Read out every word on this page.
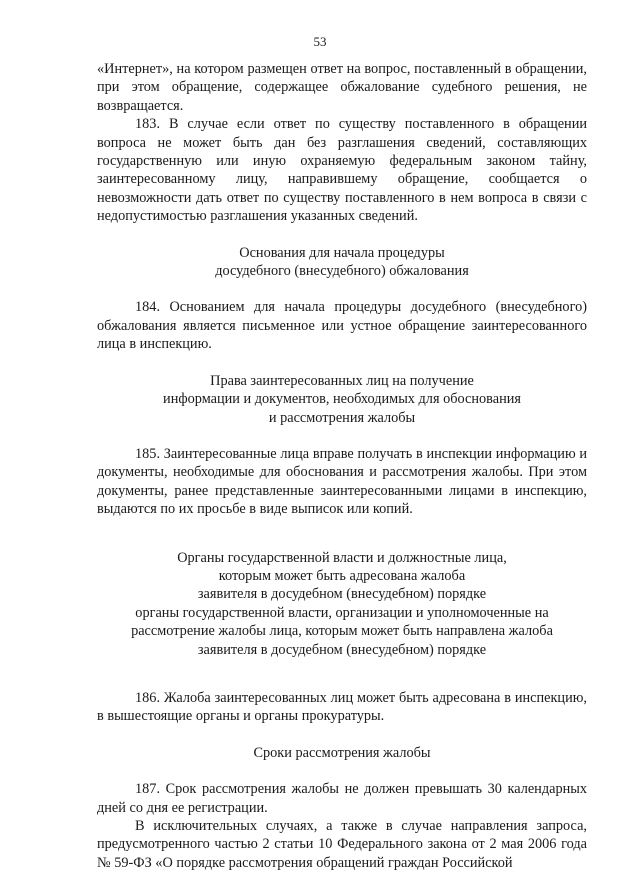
53

«Интернет», на котором размещен ответ на вопрос, поставленный в обращении, при этом обращение, содержащее обжалование судебного решения, не возвращается.

183. В случае если ответ по существу поставленного в обращении вопроса не может быть дан без разглашения сведений, составляющих государственную или иную охраняемую федеральным законом тайну, заинтересованному лицу, направившему обращение, сообщается о невозможности дать ответ по существу поставленного в нем вопроса в связи с недопустимостью разглашения указанных сведений.

Основания для начала процедуры

досудебного (внесудебного) обжалования

184. Основанием для начала процедуры досудебного (внесудебного) обжалования является письменное или устное обращение заинтересованного лица в инспекцию.

Права заинтересованных лиц на получение

информации и документов, необходимых для обоснования

и рассмотрения жалобы

185. Заинтересованные лица вправе получать в инспекции информацию и документы, необходимые для обоснования и рассмотрения жалобы. При этом документы, ранее представленные заинтересованными лицами в инспекцию, выдаются по их просьбе в виде выписок или копий.

Органы государственной власти и должностные лица,

которым может быть адресована жалоба

заявителя в досудебном (внесудебном) порядке

органы государственной власти, организации и уполномоченные на

рассмотрение жалобы лица, которым может быть направлена жалоба

заявителя в досудебном (внесудебном) порядке

186. Жалоба заинтересованных лиц может быть адресована в инспекцию, в вышестоящие органы и органы прокуратуры.

Сроки рассмотрения жалобы

187. Срок рассмотрения жалобы не должен превышать 30 календарных дней со дня ее регистрации.

В исключительных случаях, а также в случае направления запроса, предусмотренного частью 2 статьи 10 Федерального закона от 2 мая 2006 года № 59-ФЗ «О порядке рассмотрения обращений граждан Российской
